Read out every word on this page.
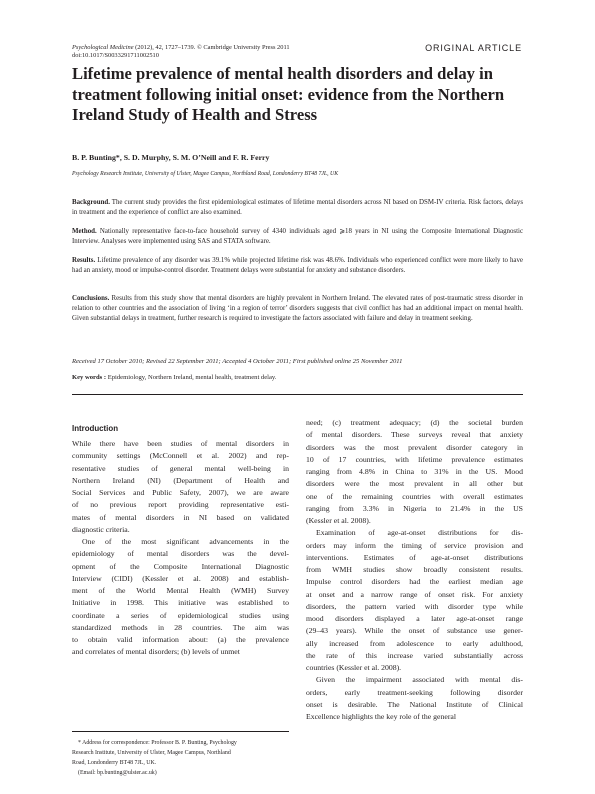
Psychological Medicine (2012), 42, 1727–1739. © Cambridge University Press 2011
doi:10.1017/S0033291711002510
ORIGINAL ARTICLE
Lifetime prevalence of mental health disorders and delay in treatment following initial onset: evidence from the Northern Ireland Study of Health and Stress
B. P. Bunting*, S. D. Murphy, S. M. O’Neill and F. R. Ferry
Psychology Research Institute, University of Ulster, Magee Campus, Northland Road, Londonderry BT48 7JL, UK

Background. The current study provides the first epidemiological estimates of lifetime mental disorders across NI based on DSM-IV criteria. Risk factors, delays in treatment and the experience of conflict are also examined.

Method. Nationally representative face-to-face household survey of 4340 individuals aged ⩾18 years in NI using the Composite International Diagnostic Interview. Analyses were implemented using SAS and STATA software.

Results. Lifetime prevalence of any disorder was 39.1% while projected lifetime risk was 48.6%. Individuals who experienced conflict were more likely to have had an anxiety, mood or impulse-control disorder. Treatment delays were substantial for anxiety and substance disorders.

Conclusions. Results from this study show that mental disorders are highly prevalent in Northern Ireland. The elevated rates of post-traumatic stress disorder in relation to other countries and the association of living ‘in a region of terror’ disorders suggests that civil conflict has had an additional impact on mental health. Given substantial delays in treatment, further research is required to investigate the factors associated with failure and delay in treatment seeking.

Received 17 October 2010; Revised 22 September 2011; Accepted 4 October 2011; First published online 25 November 2011
Key words : Epidemiology, Northern Ireland, mental health, treatment delay.
Introduction
While there have been studies of mental disorders in
community settings (McConnell et al. 2002) and rep-
resentative studies of general mental well-being in
Northern Ireland (NI) (Department of Health and
Social Services and Public Safety, 2007), we are aware
of no previous report providing representative esti-
mates of mental disorders in NI based on validated
diagnostic criteria.
One of the most significant advancements in the
epidemiology of mental disorders was the devel-
opment of the Composite International Diagnostic
Interview (CIDI) (Kessler et al. 2008) and establish-
ment of the World Mental Health (WMH) Survey
Initiative in 1998. This initiative was established to
coordinate a series of epidemiological studies using
standardized methods in 28 countries. The aim was
to obtain valid information about: (a) the prevalence
and correlates of mental disorders; (b) levels of unmet
need; (c) treatment adequacy; (d) the societal burden
of mental disorders. These surveys reveal that anxiety
disorders was the most prevalent disorder category in
10 of 17 countries, with lifetime prevalence estimates
ranging from 4.8% in China to 31% in the US. Mood
disorders were the most prevalent in all other but
one of the remaining countries with overall estimates
ranging from 3.3% in Nigeria to 21.4% in the US
(Kessler et al. 2008).
Examination of age-at-onset distributions for dis-
orders may inform the timing of service provision and
interventions. Estimates of age-at-onset distributions
from WMH studies show broadly consistent results.
Impulse control disorders had the earliest median age
at onset and a narrow range of onset risk. For anxiety
disorders, the pattern varied with disorder type while
mood disorders displayed a later age-at-onset range
(29–43 years). While the onset of substance use gener-
ally increased from adolescence to early adulthood,
the rate of this increase varied substantially across
countries (Kessler et al. 2008).
Given the impairment associated with mental dis-
orders, early treatment-seeking following disorder
onset is desirable. The National Institute of Clinical
Excellence highlights the key role of the general
* Address for correspondence: Professor B. P. Bunting, Psychology
Research Institute, University of Ulster, Magee Campus, Northland
Road, Londonderry BT48 7JL, UK.
(Email: bp.bunting@ulster.ac.uk)
